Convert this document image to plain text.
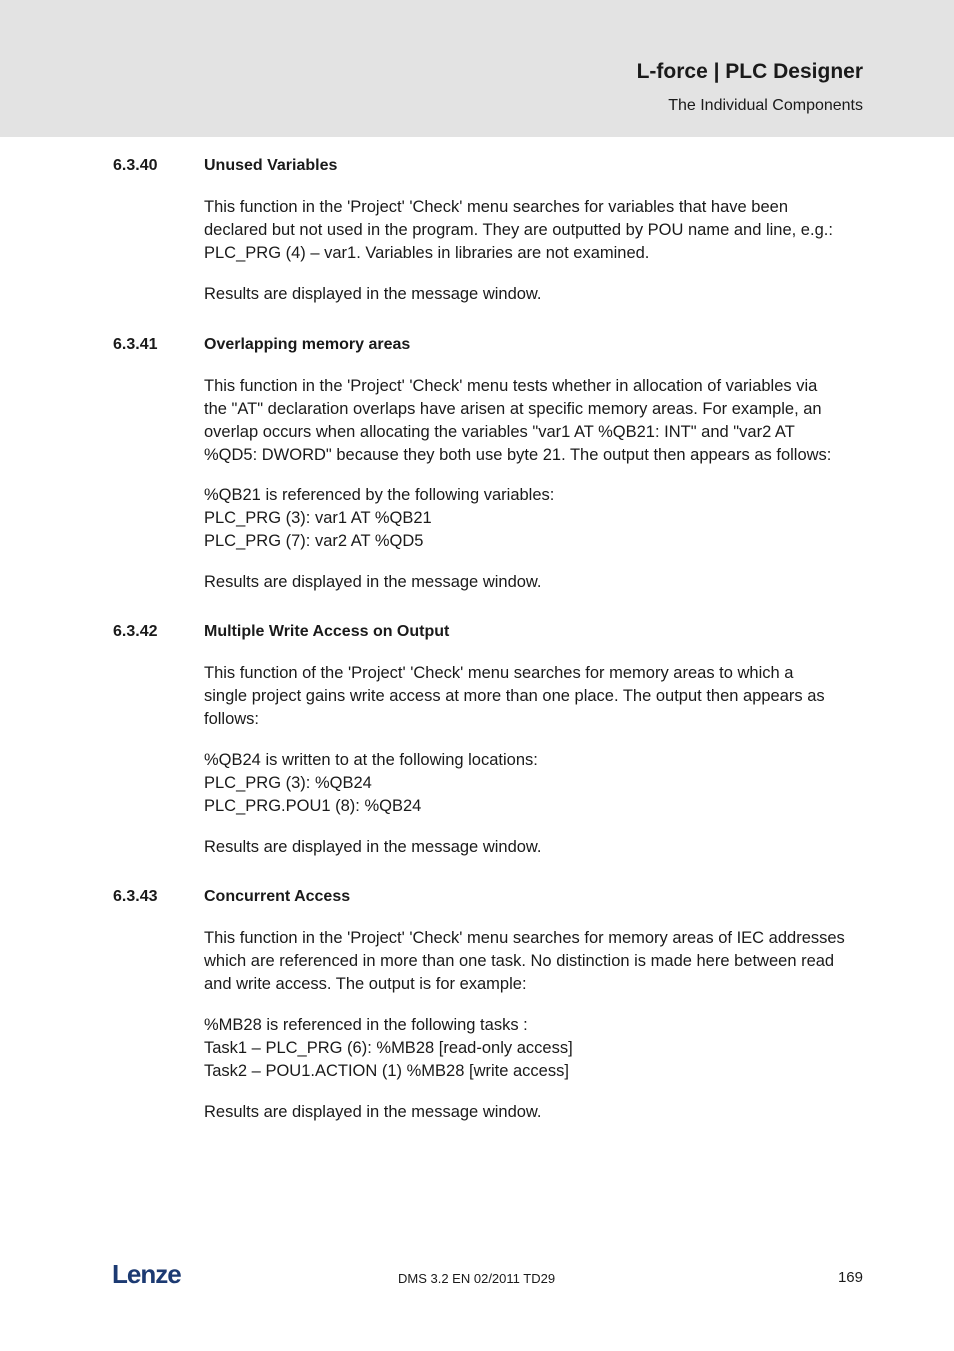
L-force | PLC Designer
The Individual Components
6.3.40	Unused Variables
This function in the 'Project' 'Check' menu searches for variables that have been
declared but not used in the program. They are outputted by POU name and line, e.g.:
PLC_PRG (4) – var1. Variables in libraries are not examined.
Results are displayed in the message window.
6.3.41	Overlapping memory areas
This function in the 'Project' 'Check' menu tests whether in allocation of variables via
the "AT" declaration overlaps have arisen at specific memory areas. For example, an
overlap occurs when allocating the variables "var1 AT %QB21: INT" and "var2 AT
%QD5: DWORD" because they both use byte 21. The output then appears as follows:
%QB21 is referenced by the following variables:
PLC_PRG (3): var1 AT %QB21
PLC_PRG (7): var2 AT %QD5
Results are displayed in the message window.
6.3.42	Multiple Write Access on Output
This function of the 'Project' 'Check' menu searches for memory areas to which a
single project gains write access at more than one place. The output then appears as
follows:
%QB24 is written to at the following locations:
PLC_PRG (3): %QB24
PLC_PRG.POU1 (8): %QB24
Results are displayed in the message window.
6.3.43	Concurrent Access
This function in the 'Project' 'Check' menu searches for memory areas of IEC addresses
which are referenced in more than one task. No distinction is made here between read
and write access. The output is for example:
%MB28 is referenced in the following tasks :
Task1 – PLC_PRG (6): %MB28 [read-only access]
Task2 – POU1.ACTION (1) %MB28 [write access]
Results are displayed in the message window.
Lenze	DMS 3.2 EN 02/2011 TD29	169
